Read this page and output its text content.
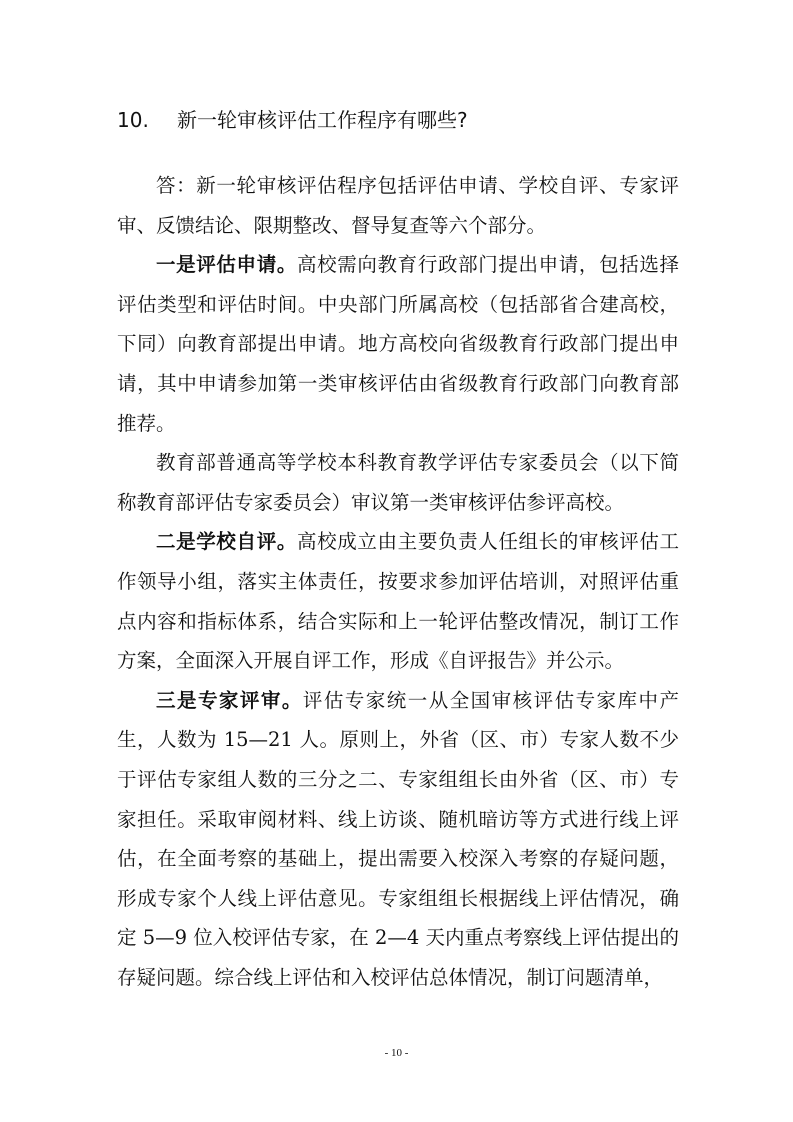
10. 新一轮审核评估工作程序有哪些?

答：新一轮审核评估程序包括评估申请、学校自评、专家评审、反馈结论、限期整改、督导复查等六个部分。

一是评估申请。高校需向教育行政部门提出申请，包括选择评估类型和评估时间。中央部门所属高校（包括部省合建高校，下同）向教育部提出申请。地方高校向省级教育行政部门提出申请，其中申请参加第一类审核评估由省级教育行政部门向教育部推荐。

教育部普通高等学校本科教育教学评估专家委员会（以下简称教育部评估专家委员会）审议第一类审核评估参评高校。

二是学校自评。高校成立由主要负责人任组长的审核评估工作领导小组，落实主体责任，按要求参加评估培训，对照评估重点内容和指标体系，结合实际和上一轮评估整改情况，制订工作方案，全面深入开展自评工作，形成《自评报告》并公示。

三是专家评审。评估专家统一从全国审核评估专家库中产生，人数为 15—21 人。原则上，外省（区、市）专家人数不少于评估专家组人数的三分之二、专家组组长由外省（区、市）专家担任。采取审阅材料、线上访谈、随机暗访等方式进行线上评估，在全面考察的基础上，提出需要入校深入考察的存疑问题，形成专家个人线上评估意见。专家组组长根据线上评估情况，确定 5—9 位入校评估专家，在 2—4 天内重点考察线上评估提出的存疑问题。综合线上评估和入校评估总体情况，制订问题清单，

- 10 -
